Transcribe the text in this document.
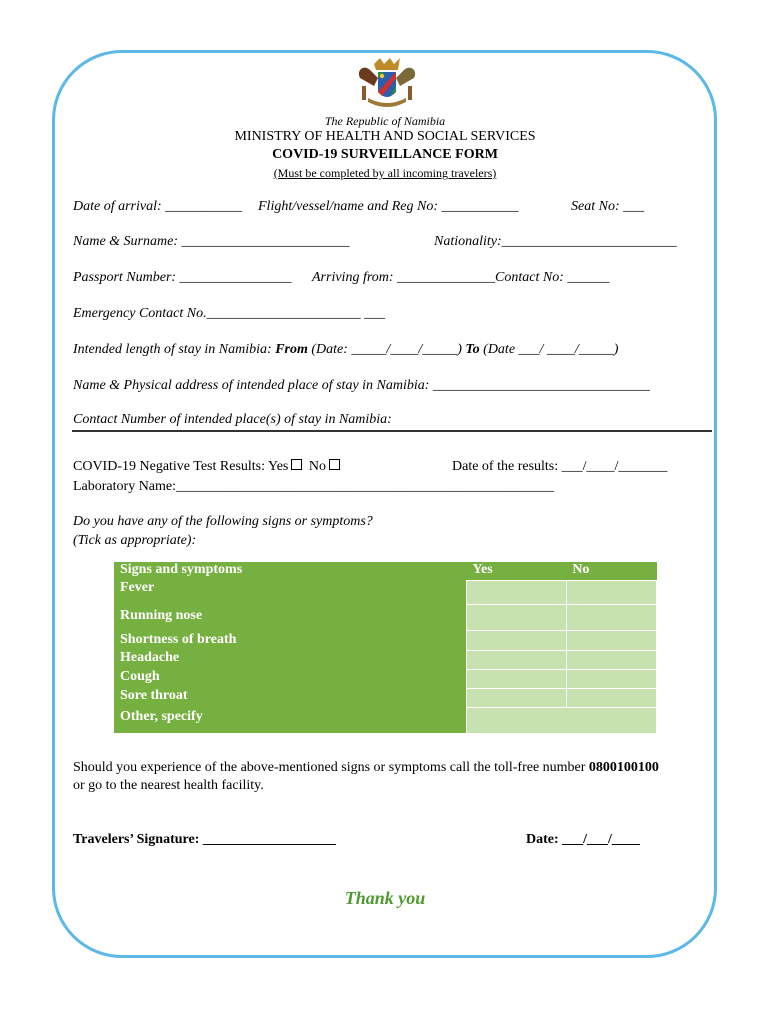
The Republic of Namibia
MINISTRY OF HEALTH AND SOCIAL SERVICES
COVID-19 SURVEILLANCE FORM
(Must be completed by all incoming travelers)
Date of arrival: ___________ Flight/vessel/name and Reg No: ___________	Seat No: ___
Name & Surname: ________________________	Nationality:_________________________
Passport Number: ________________ Arriving from: ______________Contact No: ______
Emergency Contact No.______________________ ___
Intended length of stay in Namibia: From (Date: _____/____/_____) To (Date ___/ ____/_____)
Name & Physical address of intended place of stay in Namibia: _______________________________
Contact Number of intended place(s) of stay in Namibia:
COVID-19 Negative Test Results: Yes No	Date of the results: ___/____/_______
Laboratory Name:______________________________________________________
Do you have any of the following signs or symptoms?
(Tick as appropriate):
Signs and symptoms	Yes	No
Fever		
Running nose		
Shortness of breath		
Headache		
Cough		
Sore throat		
Other, specify		
Should you experience of the above-mentioned signs or symptoms call the toll-free number 0800100100
or go to the nearest health facility.
Travelers’ Signature: ___________________	Date: ___/___/____
Thank you
